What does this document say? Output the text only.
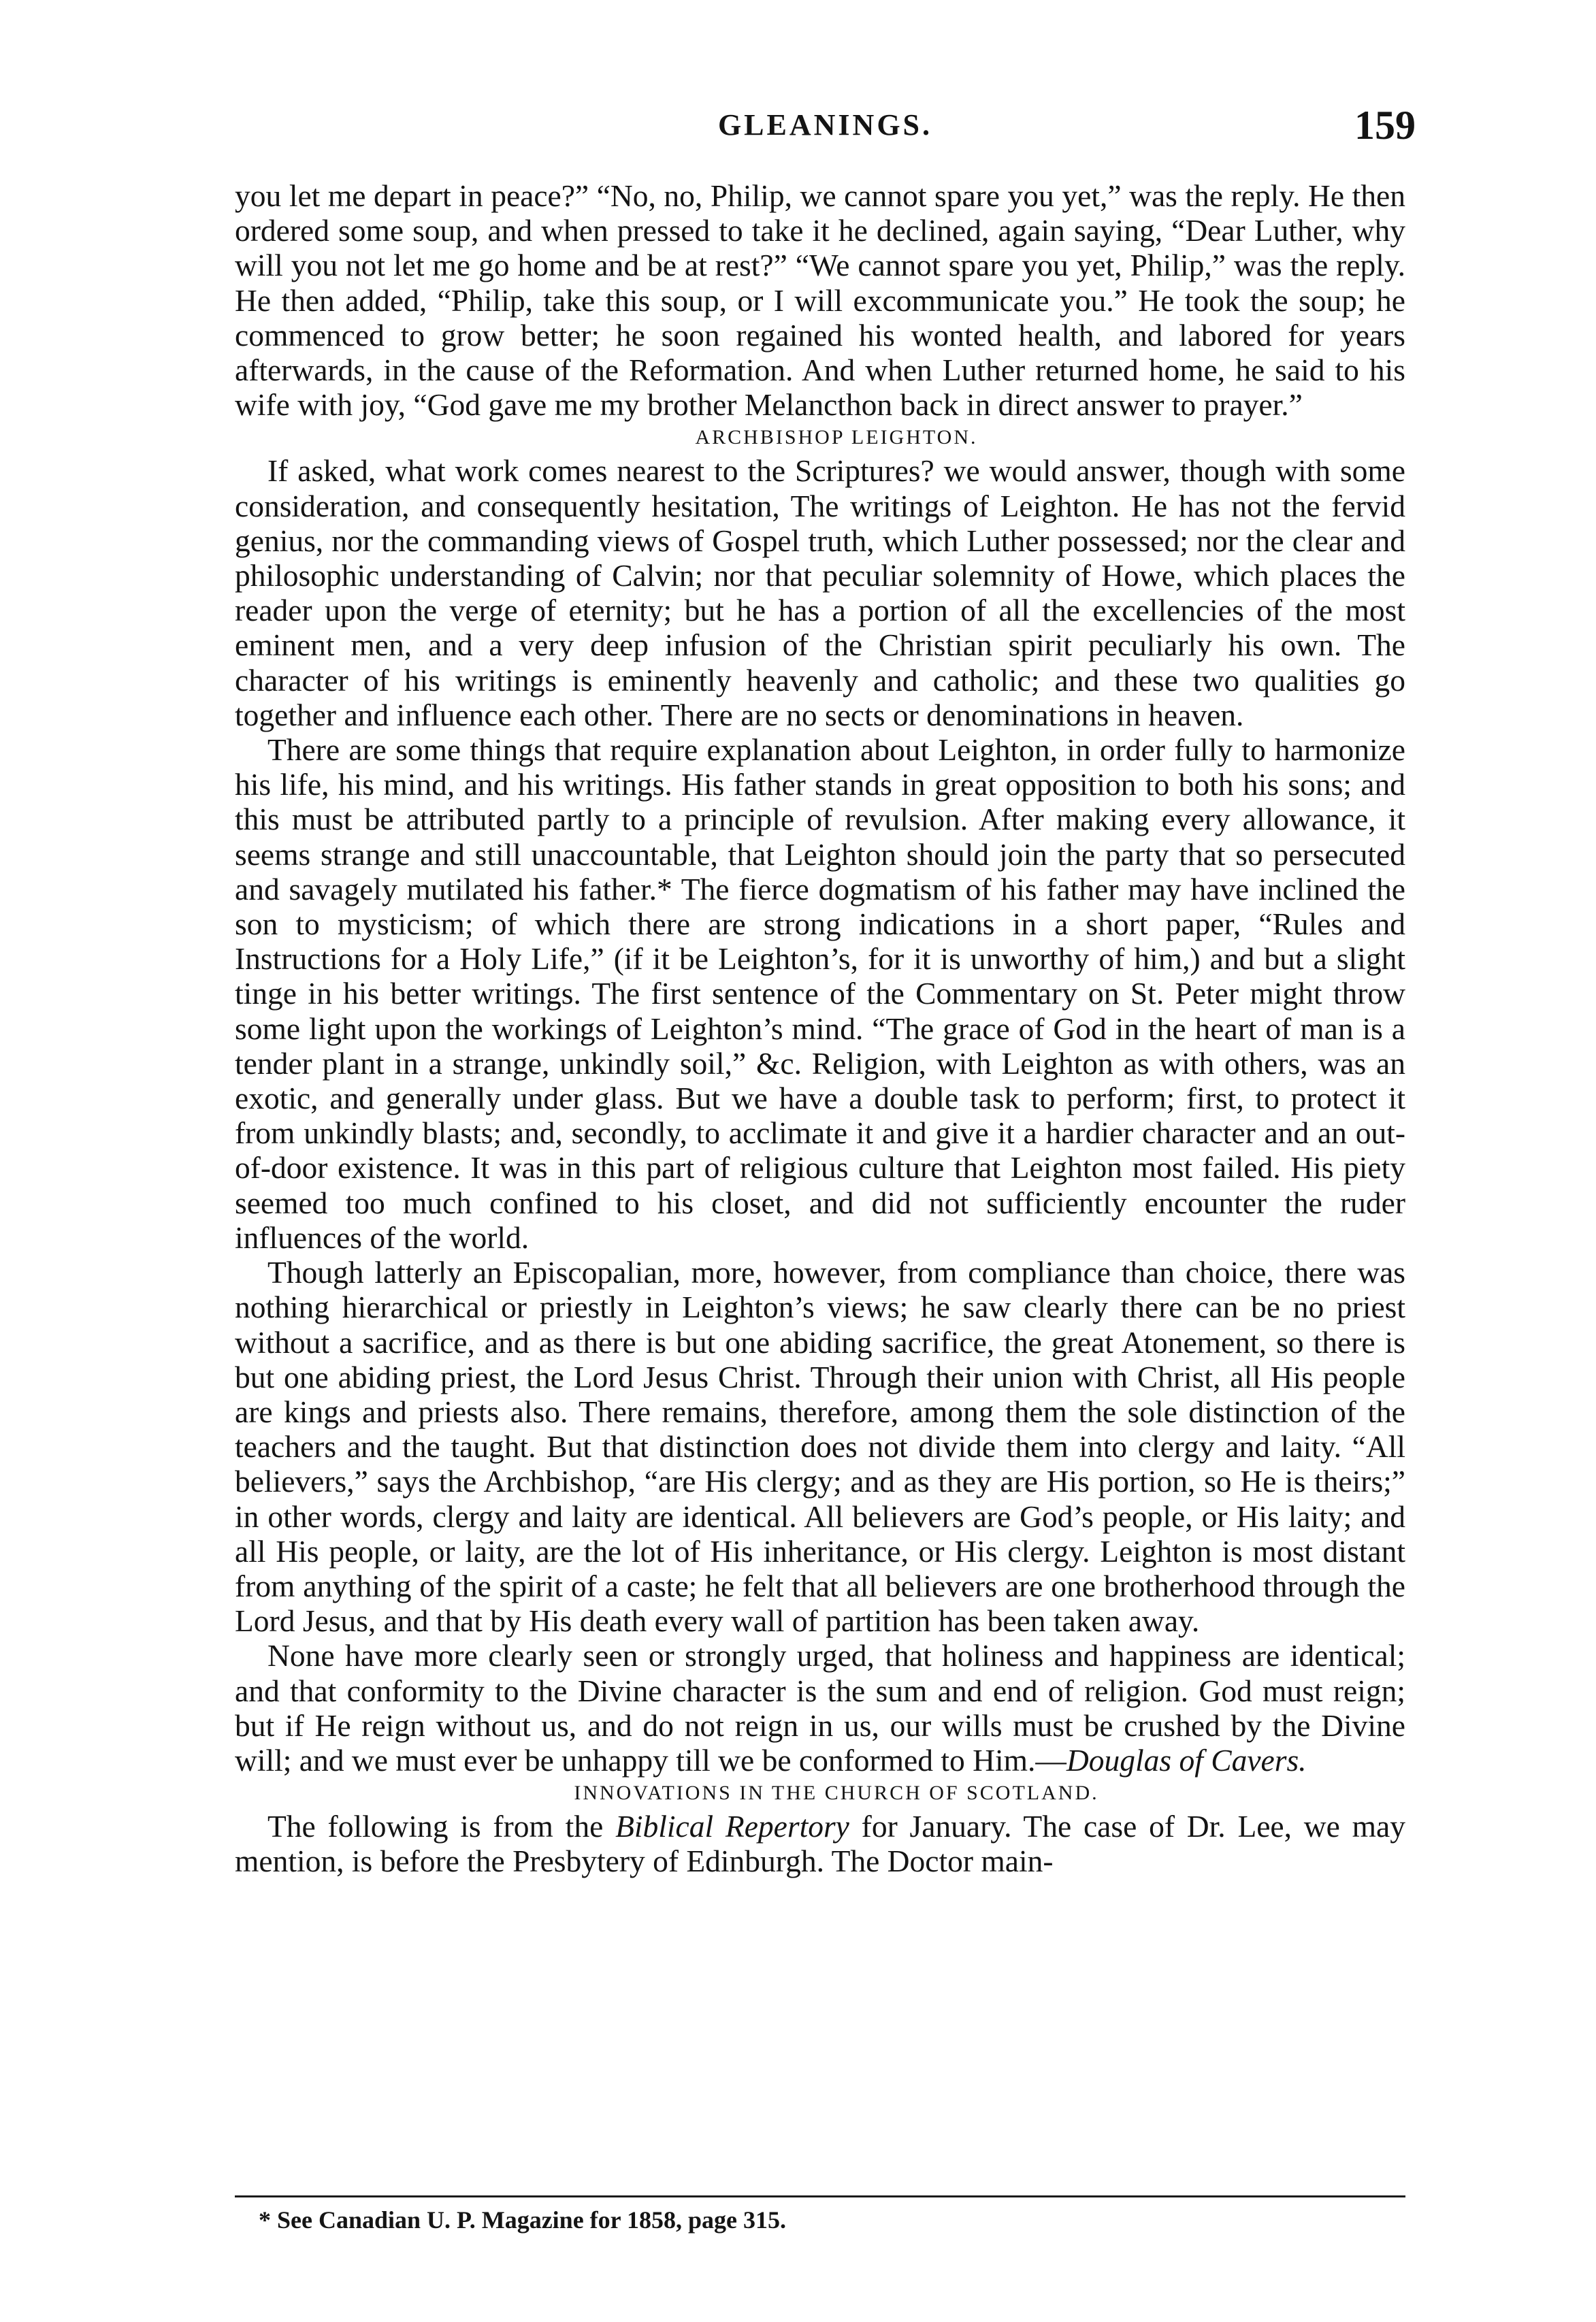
GLEANINGS.	159

you let me depart in peace?” “No, no, Philip, we cannot spare you yet,” was the reply. He then ordered some soup, and when pressed to take it he declined, again saying, “Dear Luther, why will you not let me go home and be at rest?” “We cannot spare you yet, Philip,” was the reply. He then added, “Philip, take this soup, or I will excommunicate you.” He took the soup; he commenced to grow better; he soon regained his wonted health, and labored for years afterwards, in the cause of the Reformation. And when Luther returned home, he said to his wife with joy, “God gave me my brother Melancthon back in direct answer to prayer.”

ARCHBISHOP LEIGHTON.

If asked, what work comes nearest to the Scriptures? we would answer, though with some consideration, and consequently hesitation, The writings of Leighton. He has not the fervid genius, nor the commanding views of Gospel truth, which Luther possessed; nor the clear and philosophic understanding of Calvin; nor that peculiar solemnity of Howe, which places the reader upon the verge of eternity; but he has a portion of all the excellencies of the most eminent men, and a very deep infusion of the Christian spirit peculiarly his own. The character of his writings is eminently heavenly and catholic; and these two qualities go together and influence each other. There are no sects or denominations in heaven.

There are some things that require explanation about Leighton, in order fully to harmonize his life, his mind, and his writings. His father stands in great opposition to both his sons; and this must be attributed partly to a principle of revulsion. After making every allowance, it seems strange and still unaccountable, that Leighton should join the party that so persecuted and savagely mutilated his father.* The fierce dogmatism of his father may have inclined the son to mysticism; of which there are strong indications in a short paper, “Rules and Instructions for a Holy Life,” (if it be Leighton’s, for it is unworthy of him,) and but a slight tinge in his better writings. The first sentence of the Commentary on St. Peter might throw some light upon the workings of Leighton’s mind. “The grace of God in the heart of man is a tender plant in a strange, unkindly soil,” &c. Religion, with Leighton as with others, was an exotic, and generally under glass. But we have a double task to perform; first, to protect it from unkindly blasts; and, secondly, to acclimate it and give it a hardier character and an out-of-door existence. It was in this part of religious culture that Leighton most failed. His piety seemed too much confined to his closet, and did not sufficiently encounter the ruder influences of the world.

Though latterly an Episcopalian, more, however, from compliance than choice, there was nothing hierarchical or priestly in Leighton’s views; he saw clearly there can be no priest without a sacrifice, and as there is but one abiding sacrifice, the great Atonement, so there is but one abiding priest, the Lord Jesus Christ. Through their union with Christ, all His people are kings and priests also. There remains, therefore, among them the sole distinction of the teachers and the taught. But that distinction does not divide them into clergy and laity. “All believers,” says the Archbishop, “are His clergy; and as they are His portion, so He is theirs;” in other words, clergy and laity are identical. All believers are God’s people, or His laity; and all His people, or laity, are the lot of His inheritance, or His clergy. Leighton is most distant from anything of the spirit of a caste; he felt that all believers are one brotherhood through the Lord Jesus, and that by His death every wall of partition has been taken away.

None have more clearly seen or strongly urged, that holiness and happiness are identical; and that conformity to the Divine character is the sum and end of religion. God must reign; but if He reign without us, and do not reign in us, our wills must be crushed by the Divine will; and we must ever be unhappy till we be conformed to Him.—Douglas of Cavers.

INNOVATIONS IN THE CHURCH OF SCOTLAND.

The following is from the Biblical Repertory for January. The case of Dr. Lee, we may mention, is before the Presbytery of Edinburgh. The Doctor main-

* See Canadian U. P. Magazine for 1858, page 315.
